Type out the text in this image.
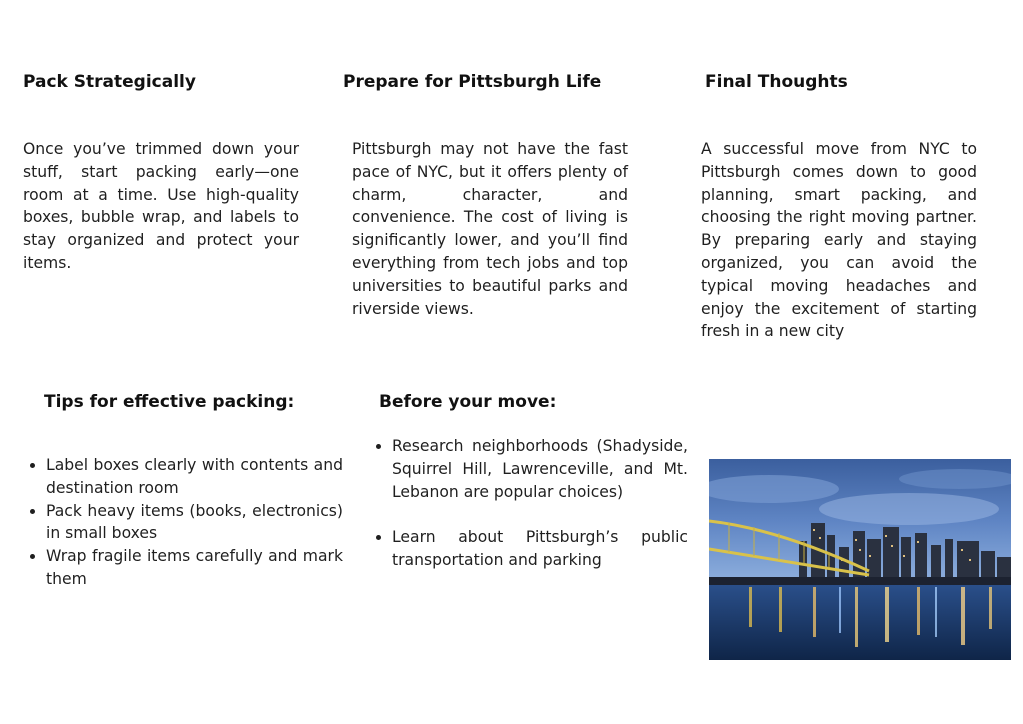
Pack Strategically	Prepare for Pittsburgh Life	Final Thoughts

Once you’ve trimmed down your stuff, start packing early—one room at a time. Use high-quality boxes, bubble wrap, and labels to stay organized and protect your items.

Pittsburgh may not have the fast pace of NYC, but it offers plenty of charm, character, and convenience. The cost of living is significantly lower, and you’ll find everything from tech jobs and top universities to beautiful parks and riverside views.

A successful move from NYC to Pittsburgh comes down to good planning, smart packing, and choosing the right moving partner. By preparing early and staying organized, you can avoid the typical moving headaches and enjoy the excitement of starting fresh in a new city

Tips for effective packing:	Before your move:
• Label boxes clearly with contents and destination room
• Pack heavy items (books, electronics) in small boxes
• Wrap fragile items carefully and mark them
• Research neighborhoods (Shadyside, Squirrel Hill, Lawrenceville, and Mt. Lebanon are popular choices)
• Learn about Pittsburgh’s public transportation and parking
